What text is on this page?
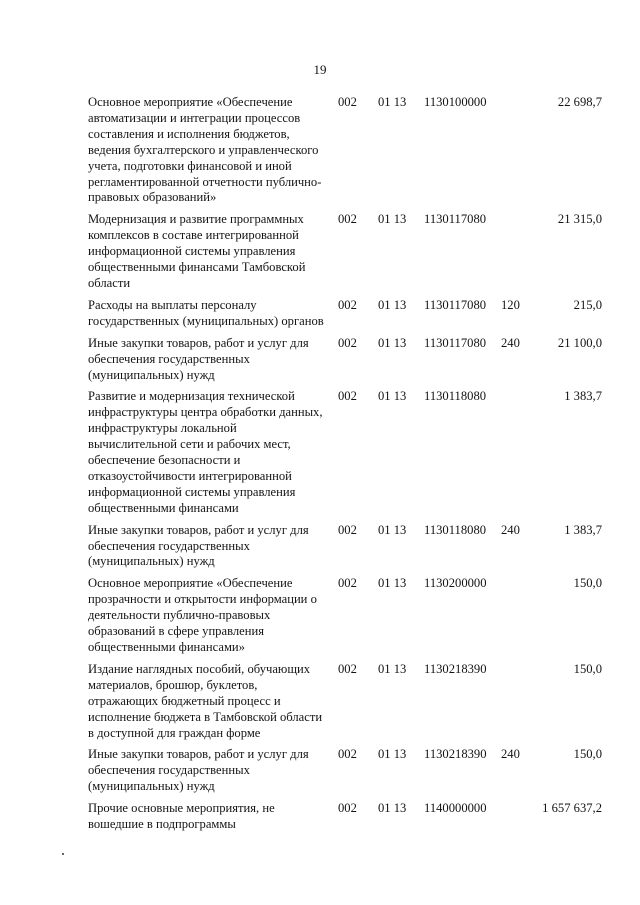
19
Основное мероприятие «Обеспечение автоматизации и интеграции процессов составления и исполнения бюджетов, ведения бухгалтерского и управленческого учета, подготовки финансовой и иной регламентированной отчетности публично-правовых образований»
002 01 13 1130100000	22 698,7
Модернизация и развитие программных комплексов в составе интегрированной информационной системы управления общественными финансами Тамбовской области
002 01 13 1130117080	21 315,0
Расходы на выплаты персоналу государственных (муниципальных) органов
002 01 13 1130117080 120	215,0
Иные закупки товаров, работ и услуг для обеспечения государственных (муниципальных) нужд
002 01 13 1130117080 240	21 100,0
Развитие и модернизация технической инфраструктуры центра обработки данных, инфраструктуры локальной вычислительной сети и рабочих мест, обеспечение безопасности и отказоустойчивости интегрированной информационной системы управления общественными финансами
002 01 13 1130118080	1 383,7
Иные закупки товаров, работ и услуг для обеспечения государственных (муниципальных) нужд
002 01 13 1130118080 240	1 383,7
Основное мероприятие «Обеспечение прозрачности и открытости информации о деятельности публично-правовых образований в сфере управления общественными финансами»
002 01 13 1130200000	150,0
Издание наглядных пособий, обучающих материалов, брошюр, буклетов, отражающих бюджетный процесс и исполнение бюджета в Тамбовской области в доступной для граждан форме
002 01 13 1130218390	150,0
Иные закупки товаров, работ и услуг для обеспечения государственных (муниципальных) нужд
002 01 13 1130218390 240	150,0
Прочие основные мероприятия, не вошедшие в подпрограммы
002 01 13 1140000000	1 657 637,2
